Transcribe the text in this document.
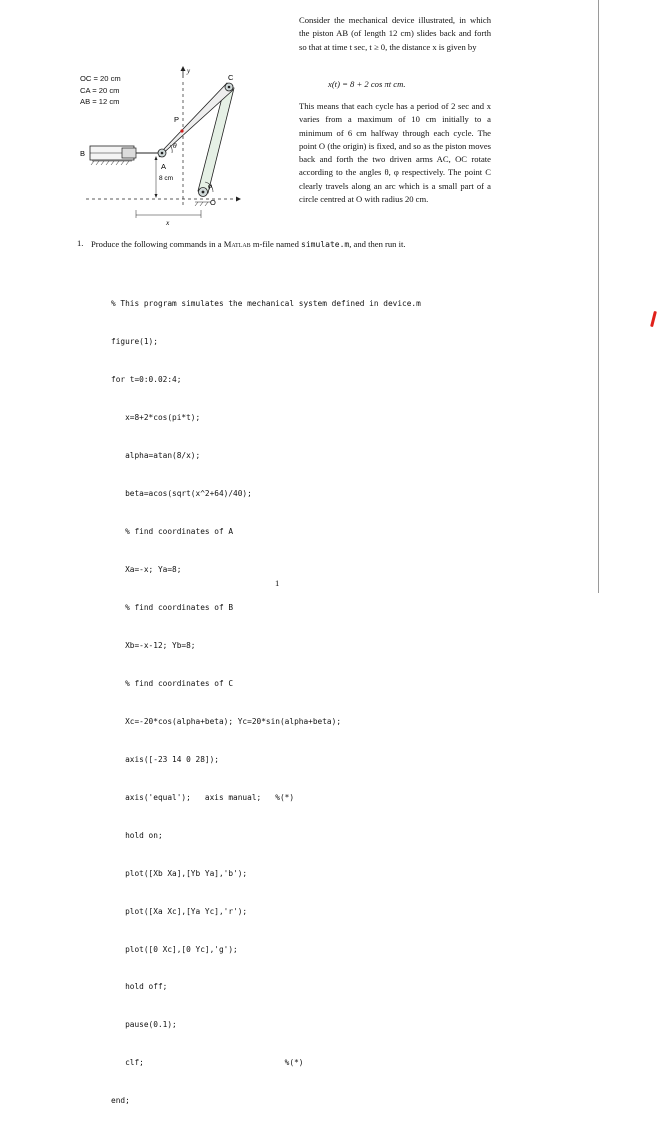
OC = 20 cm
CA = 20 cm
AB = 12 cm
y
C
P
B
A
O
θ
φ
8 cm
x

Consider the mechanical device illustrated, in which the piston AB (of length 12 cm) slides back and forth so that at time t sec, t ≥ 0, the distance x is given by

x(t) = 8 + 2 cos πt cm.

This means that each cycle has a period of 2 sec and x varies from a maximum of 10 cm initially to a minimum of 6 cm halfway through each cycle. The point O (the origin) is fixed, and so as the piston moves back and forth the two driven arms AC, OC rotate according to the angles θ, φ respectively. The point C clearly travels along an arc which is a small part of a circle centred at O with radius 20 cm.

1. Produce the following commands in a Matlab m-file named simulate.m, and then run it.

% This program simulates the mechanical system defined in device.m

figure(1);

for t=0:0.02:4;

x=8+2*cos(pi*t);

alpha=atan(8/x);

beta=acos(sqrt(x^2+64)/40);

% find coordinates of A

Xa=-x; Ya=8;

% find coordinates of B

Xb=-x-12; Yb=8;

% find coordinates of C

Xc=-20*cos(alpha+beta); Yc=20*sin(alpha+beta);

axis([-23 14 0 28]);

axis('equal');   axis manual;   %(*)

hold on;

plot([Xb Xa],[Yb Ya],'b');

plot([Xa Xc],[Ya Yc],'r');

plot([0 Xc],[0 Yc],'g');

hold off;

pause(0.1);

clf;                              %(*)

end;

1
